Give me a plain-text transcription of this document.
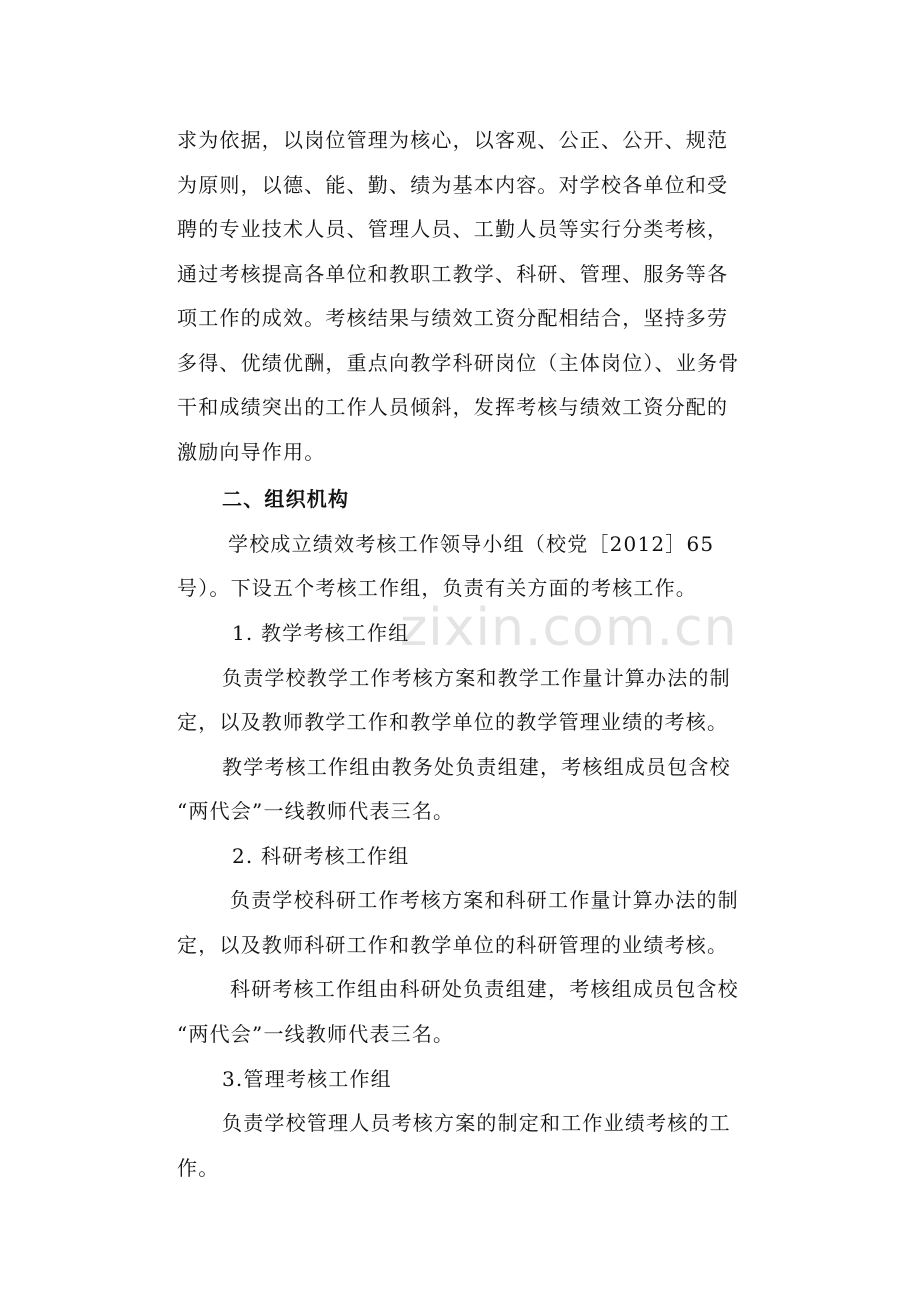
zixin.com.cn
求为依据，以岗位管理为核心，以客观、公正、公开、规范
为原则，以德、能、勤、绩为基本内容。对学校各单位和受
聘的专业技术人员、管理人员、工勤人员等实行分类考核，
通过考核提高各单位和教职工教学、科研、管理、服务等各
项工作的成效。考核结果与绩效工资分配相结合，坚持多劳
多得、优绩优酬，重点向教学科研岗位（主体岗位）、业务骨
干和成绩突出的工作人员倾斜，发挥考核与绩效工资分配的
激励向导作用。
二、组织机构
学校成立绩效考核工作领导小组（校党［2012］65
号）。下设五个考核工作组，负责有关方面的考核工作。
1. 教学考核工作组
负责学校教学工作考核方案和教学工作量计算办法的制
定，以及教师教学工作和教学单位的教学管理业绩的考核。
教学考核工作组由教务处负责组建，考核组成员包含校
“两代会”一线教师代表三名。
2. 科研考核工作组
负责学校科研工作考核方案和科研工作量计算办法的制
定，以及教师科研工作和教学单位的科研管理的业绩考核。
科研考核工作组由科研处负责组建，考核组成员包含校
“两代会”一线教师代表三名。
3.管理考核工作组
负责学校管理人员考核方案的制定和工作业绩考核的工
作。
